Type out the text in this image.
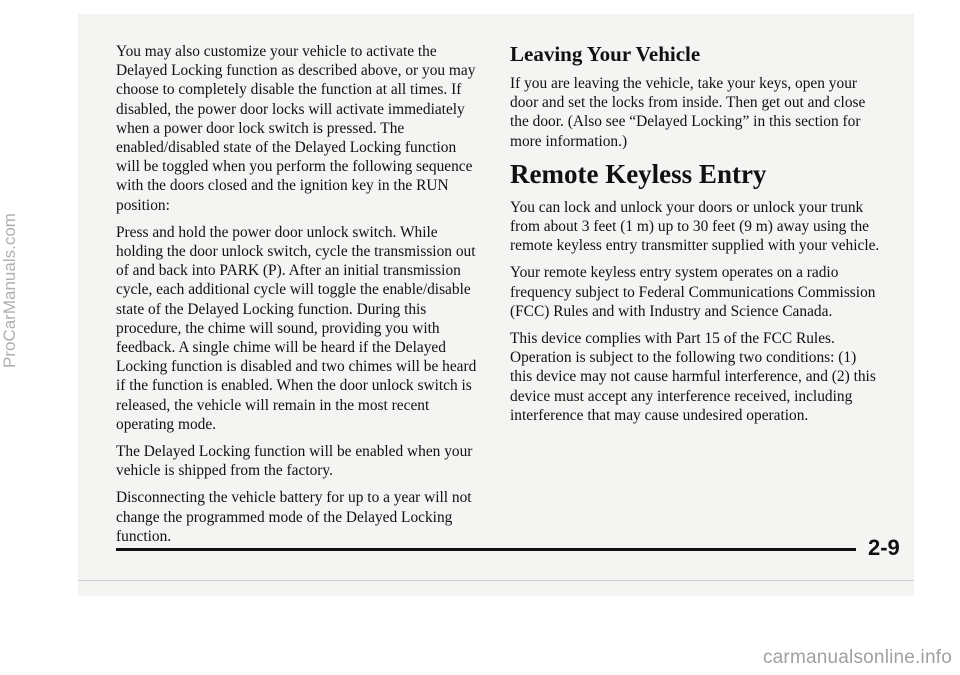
You may also customize your vehicle to activate the Delayed Locking function as described above, or you may choose to completely disable the function at all times. If disabled, the power door locks will activate immediately when a power door lock switch is pressed. The enabled/disabled state of the Delayed Locking function will be toggled when you perform the following sequence with the doors closed and the ignition key in the RUN position:

Press and hold the power door unlock switch. While holding the door unlock switch, cycle the transmission out of and back into PARK (P). After an initial transmission cycle, each additional cycle will toggle the enable/disable state of the Delayed Locking function. During this procedure, the chime will sound, providing you with feedback. A single chime will be heard if the Delayed Locking function is disabled and two chimes will be heard if the function is enabled. When the door unlock switch is released, the vehicle will remain in the most recent operating mode.

The Delayed Locking function will be enabled when your vehicle is shipped from the factory.

Disconnecting the vehicle battery for up to a year will not change the programmed mode of the Delayed Locking function.

Leaving Your Vehicle

If you are leaving the vehicle, take your keys, open your door and set the locks from inside. Then get out and close the door. (Also see “Delayed Locking” in this section for more information.)

Remote Keyless Entry

You can lock and unlock your doors or unlock your trunk from about 3 feet (1 m) up to 30 feet (9 m) away using the remote keyless entry transmitter supplied with your vehicle.

Your remote keyless entry system operates on a radio frequency subject to Federal Communications Commission (FCC) Rules and with Industry and Science Canada.

This device complies with Part 15 of the FCC Rules. Operation is subject to the following two conditions: (1) this device may not cause harmful interference, and (2) this device must accept any interference received, including interference that may cause undesired operation.

2-9
ProCarManuals.com
carmanualsonline.info
